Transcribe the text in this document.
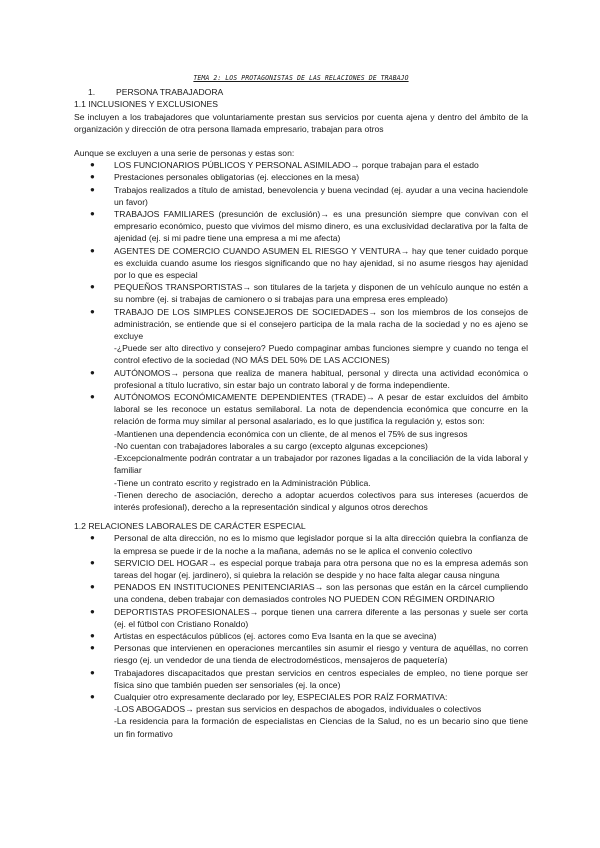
TEMA 2: LOS PROTAGONISTAS DE LAS RELACIONES DE TRABAJO
1. PERSONA TRABAJADORA

1.1 INCLUSIONES Y EXCLUSIONES

Se incluyen a los trabajadores que voluntariamente prestan sus servicios por cuenta ajena y dentro del ámbito de la organización y dirección de otra persona llamada empresario, trabajan para otros

Aunque se excluyen a una serie de personas y estas son:

● LOS FUNCIONARIOS PÚBLICOS Y PERSONAL ASIMILADO→ porque trabajan para el estado
● Prestaciones personales obligatorias (ej. elecciones en la mesa)
● Trabajos realizados a título de amistad, benevolencia y buena vecindad (ej. ayudar a una vecina haciendole un favor)
● TRABAJOS FAMILIARES (presunción de exclusión)→ es una presunción siempre que convivan con el empresario económico, puesto que vivimos del mismo dinero, es una exclusividad declarativa por la falta de ajenidad (ej. si mi padre tiene una empresa a mi me afecta)
● AGENTES DE COMERCIO CUANDO ASUMEN EL RIESGO Y VENTURA→ hay que tener cuidado porque es excluida cuando asume los riesgos significando que no hay ajenidad, si no asume riesgos hay ajenidad por lo que es especial
● PEQUEÑOS TRANSPORTISTAS→ son titulares de la tarjeta y disponen de un vehículo aunque no estén a su nombre (ej. si trabajas de camionero o si trabajas para una empresa eres empleado)
● TRABAJO DE LOS SIMPLES CONSEJEROS DE SOCIEDADES→ son los miembros de los consejos de administración, se entiende que si el consejero participa de la mala racha de la sociedad y no es ajeno se excluye
-¿Puede ser alto directivo y consejero? Puedo compaginar ambas funciones siempre y cuando no tenga el control efectivo de la sociedad (NO MÁS DEL 50% DE LAS ACCIONES)
● AUTÓNOMOS→ persona que realiza de manera habitual, personal y directa una actividad económica o profesional a título lucrativo, sin estar bajo un contrato laboral y de forma independiente.
● AUTÓNOMOS ECONÓMICAMENTE DEPENDIENTES (TRADE)→ A pesar de estar excluidos del ámbito laboral se les reconoce un estatus semilaboral. La nota de dependencia económica que concurre en la relación de forma muy similar al personal asalariado, es lo que justifica la regulación y, estos son:
-Mantienen una dependencia económica con un cliente, de al menos el 75% de sus ingresos
-No cuentan con trabajadores laborales a su cargo (excepto algunas excepciones)
-Excepcionalmente podrán contratar a un trabajador por razones ligadas a la conciliación de la vida laboral y familiar
-Tiene un contrato escrito y registrado en la Administración Pública.
-Tienen derecho de asociación, derecho a adoptar acuerdos colectivos para sus intereses (acuerdos de interés profesional), derecho a la representación sindical y algunos otros derechos

1.2 RELACIONES LABORALES DE CARÁCTER ESPECIAL

● Personal de alta dirección, no es lo mismo que legislador porque si la alta dirección quiebra la confianza de la empresa se puede ir de la noche a la mañana, además no se le aplica el convenio colectivo
● SERVICIO DEL HOGAR→ es especial porque trabaja para otra persona que no es la empresa además son tareas del hogar (ej. jardinero), si quiebra la relación se despide y no hace falta alegar causa ninguna
● PENADOS EN INSTITUCIONES PENITENCIARIAS→ son las personas que están en la cárcel cumpliendo una condena, deben trabajar con demasiados controles NO PUEDEN CON RÉGIMEN ORDINARIO
● DEPORTISTAS PROFESIONALES→ porque tienen una carrera diferente a las personas y suele ser corta (ej. el fútbol con Cristiano Ronaldo)
● Artistas en espectáculos públicos (ej. actores como Eva Isanta en la que se avecina)
● Personas que intervienen en operaciones mercantiles sin asumir el riesgo y ventura de aquéllas, no corren riesgo (ej. un vendedor de una tienda de electrodomésticos, mensajeros de paquetería)
● Trabajadores discapacitados que prestan servicios en centros especiales de empleo, no tiene porque ser física sino que también pueden ser sensoriales (ej. la once)
● Cualquier otro expresamente declarado por ley, ESPECIALES POR RAÍZ FORMATIVA:
-LOS ABOGADOS→ prestan sus servicios en despachos de abogados, individuales o colectivos
-La residencia para la formación de especialistas en Ciencias de la Salud, no es un becario sino que tiene un fin formativo
